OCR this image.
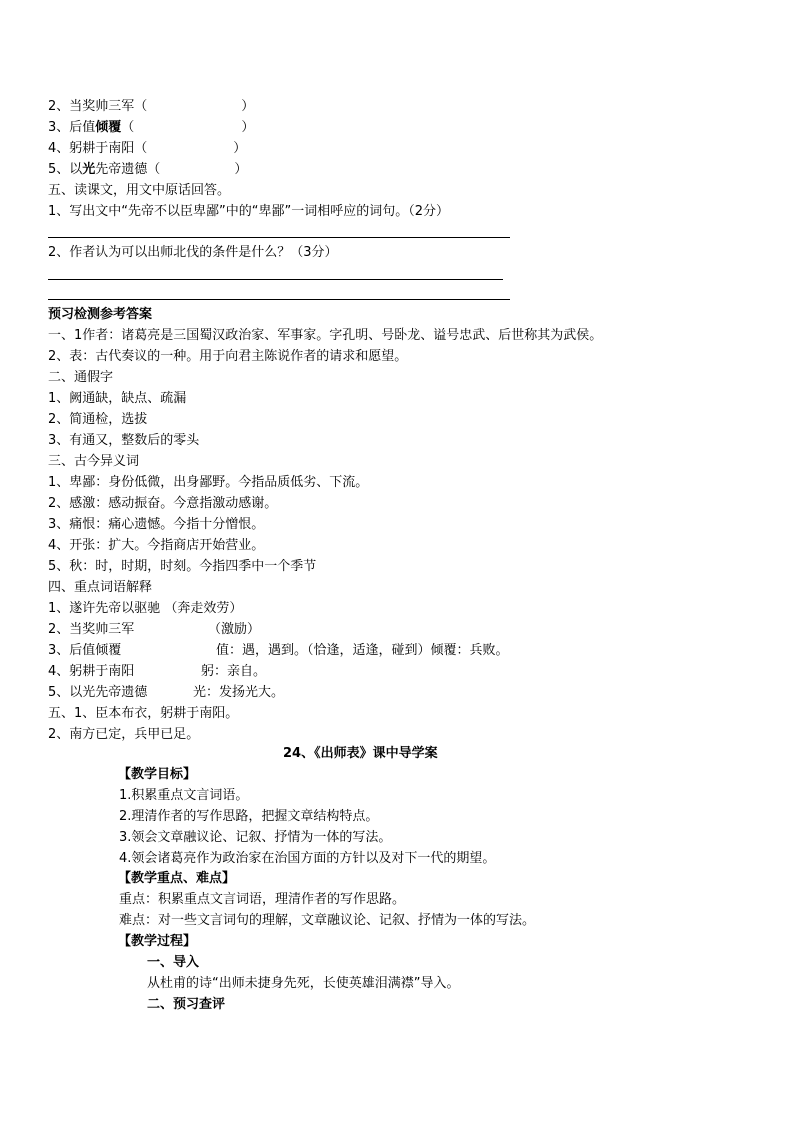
2、当奖帅三军（	）
3、后值倾覆（	）
4、躬耕于南阳（	）
5、以光先帝遗德（	）
五、读课文，用文中原话回答。
1、写出文中“先帝不以臣卑鄙”中的“卑鄙”一词相呼应的词句。（2分）
2、作者认为可以出师北伐的条件是什么？（3分）
预习检测参考答案
一、1作者：诸葛亮是三国蜀汉政治家、军事家。字孔明、号卧龙、谥号忠武、后世称其为武侯。
2、表：古代奏议的一种。用于向君主陈说作者的请求和愿望。
二、通假字
1、阙通缺，缺点、疏漏
2、简通检，选拔
3、有通又，整数后的零头
三、古今异义词
1、卑鄙：身份低微，出身鄙野。今指品质低劣、下流。
2、感激：感动振奋。今意指激动感谢。
3、痛恨：痛心遗憾。今指十分憎恨。
4、开张：扩大。今指商店开始营业。
5、秋：时，时期，时刻。今指四季中一个季节
四、重点词语解释
1、遂许先帝以驱驰 （奔走效劳）
2、当奖帅三军	（激励）
3、后值倾覆	值：遇，遇到。（恰逢，适逢，碰到）倾覆：兵败。
4、躬耕于南阳	躬：亲自。
5、以光先帝遗德	光：发扬光大。
五、1、臣本布衣，躬耕于南阳。
2、南方已定，兵甲已足。
24、《出师表》课中导学案
【教学目标】
1.积累重点文言词语。
2.理清作者的写作思路，把握文章结构特点。
3.领会文章融议论、记叙、抒情为一体的写法。
4.领会诸葛亮作为政治家在治国方面的方针以及对下一代的期望。
【教学重点、难点】
重点：积累重点文言词语，理清作者的写作思路。
难点：对一些文言词句的理解，文章融议论、记叙、抒情为一体的写法。
【教学过程】
一、导入
从杜甫的诗“出师未捷身先死，长使英雄泪满襟”导入。
二、预习查评
